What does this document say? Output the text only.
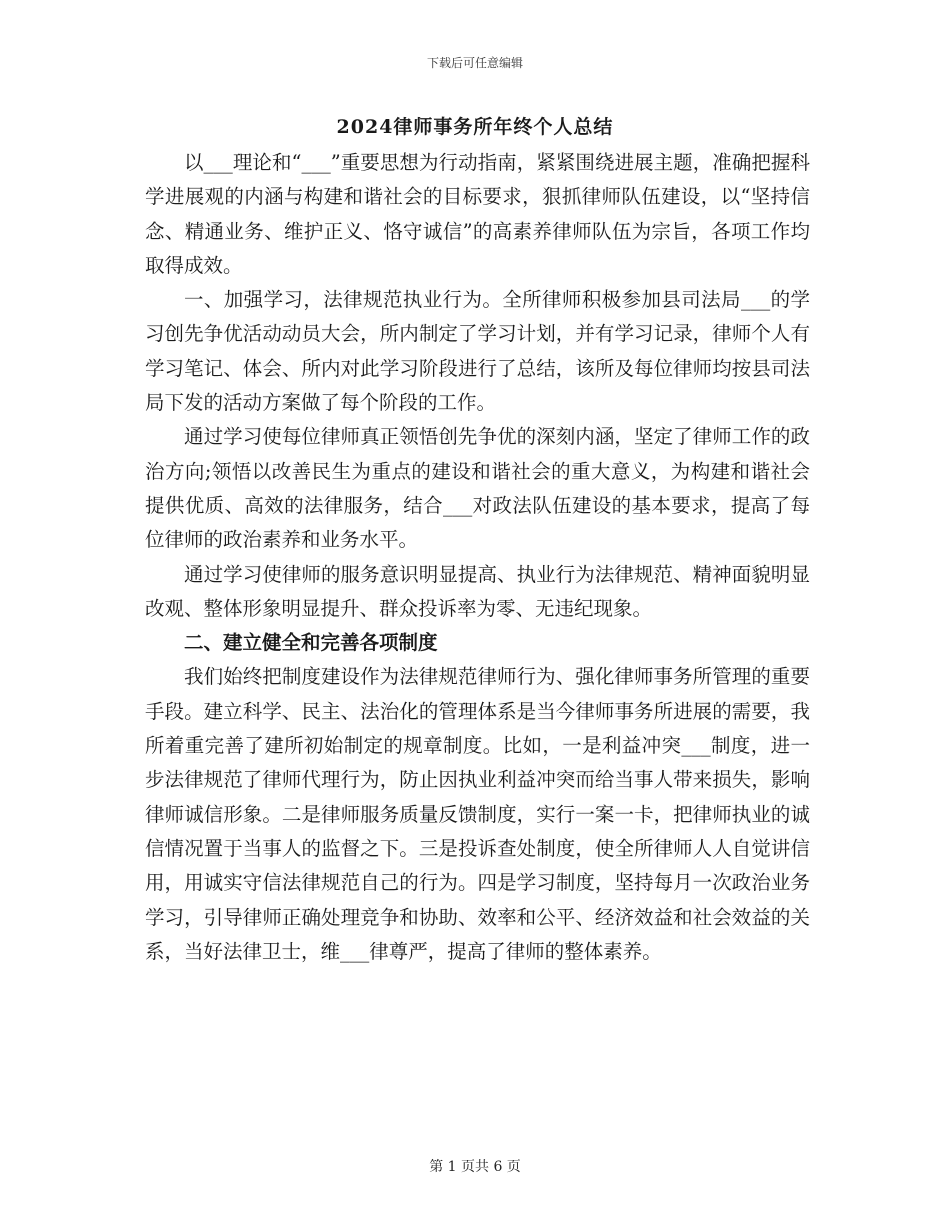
下载后可任意编辑
2024律师事务所年终个人总结

以___理论和“___”重要思想为行动指南，紧紧围绕进展主题，准确把握科学进展观的内涵与构建和谐社会的目标要求，狠抓律师队伍建设，以“坚持信念、精通业务、维护正义、恪守诚信”的高素养律师队伍为宗旨，各项工作均取得成效。

一、加强学习，法律规范执业行为。全所律师积极参加县司法局___的学习创先争优活动动员大会，所内制定了学习计划，并有学习记录，律师个人有学习笔记、体会、所内对此学习阶段进行了总结，该所及每位律师均按县司法局下发的活动方案做了每个阶段的工作。

通过学习使每位律师真正领悟创先争优的深刻内涵，坚定了律师工作的政治方向;领悟以改善民生为重点的建设和谐社会的重大意义，为构建和谐社会提供优质、高效的法律服务，结合___对政法队伍建设的基本要求，提高了每位律师的政治素养和业务水平。

通过学习使律师的服务意识明显提高、执业行为法律规范、精神面貌明显改观、整体形象明显提升、群众投诉率为零、无违纪现象。

二、建立健全和完善各项制度

我们始终把制度建设作为法律规范律师行为、强化律师事务所管理的重要手段。建立科学、民主、法治化的管理体系是当今律师事务所进展的需要，我所着重完善了建所初始制定的规章制度。比如，一是利益冲突___制度，进一步法律规范了律师代理行为，防止因执业利益冲突而给当事人带来损失，影响律师诚信形象。二是律师服务质量反馈制度，实行一案一卡，把律师执业的诚信情况置于当事人的监督之下。三是投诉查处制度，使全所律师人人自觉讲信用，用诚实守信法律规范自己的行为。四是学习制度，坚持每月一次政治业务学习，引导律师正确处理竞争和协助、效率和公平、经济效益和社会效益的关系，当好法律卫士，维___律尊严，提高了律师的整体素养。

第 1 页共 6 页
